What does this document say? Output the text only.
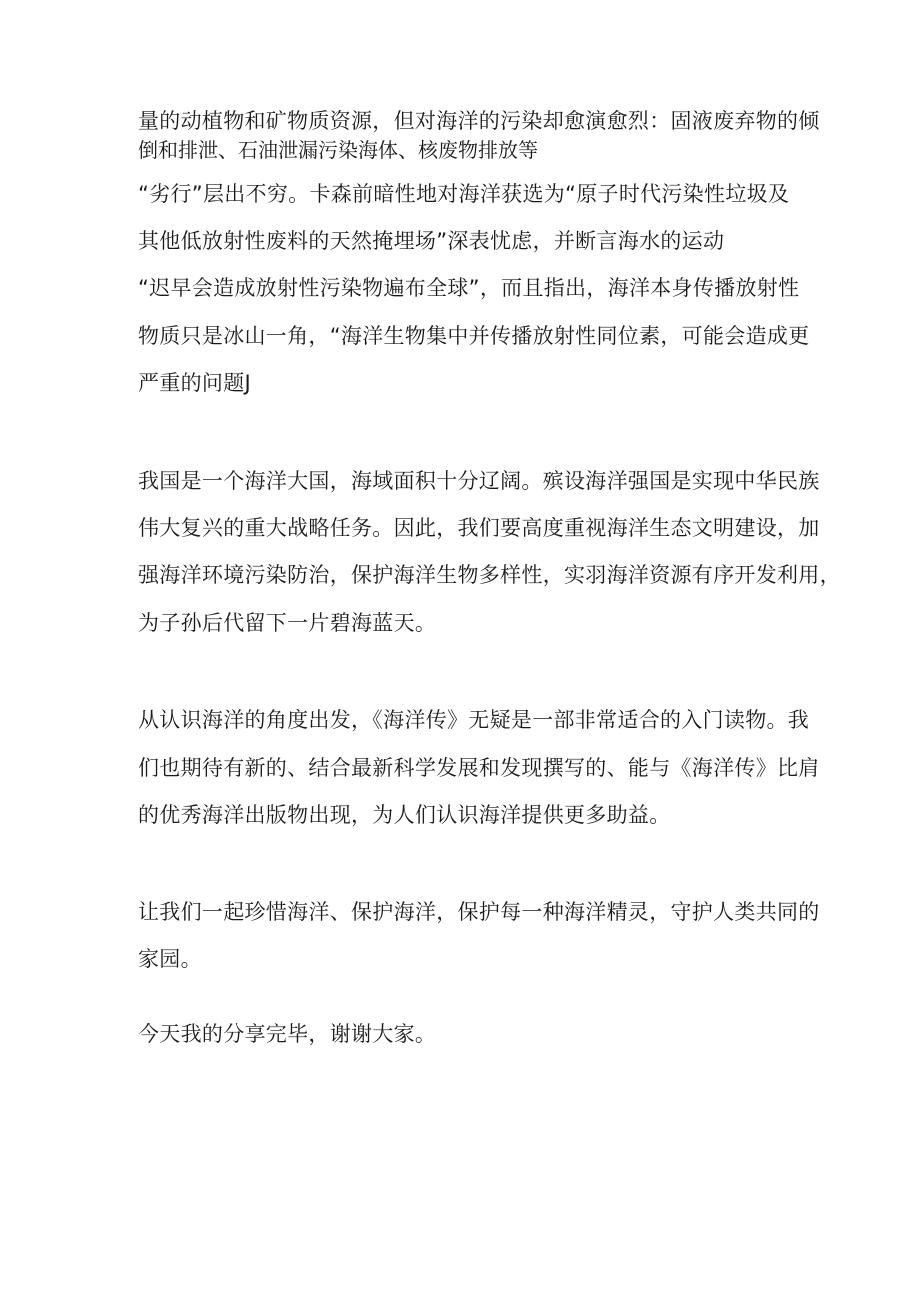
量的动植物和矿物质资源，但对海洋的污染却愈演愈烈：固液废弃物的倾
倒和排泄、石油泄漏污染海体、核废物排放等
“劣行”层出不穷。卡森前暗性地对海洋获选为“原子时代污染性垃圾及
其他低放射性废料的天然掩埋场”深表忧虑，并断言海水的运动
“迟早会造成放射性污染物遍布全球”，而且指出，海洋本身传播放射性
物质只是冰山一角，“海洋生物集中并传播放射性同位素，可能会造成更
严重的问题J
我国是一个海洋大国，海域面积十分辽阔。殡设海洋强国是实现中华民族
伟大复兴的重大战略任务。因此，我们要高度重视海洋生态文明建设，加
强海洋环境污染防治，保护海洋生物多样性，实羽海洋资源有序开发利用，
为子孙后代留下一片碧海蓝天。
从认识海洋的角度出发，《海洋传》无疑是一部非常适合的入门读物。我
们也期待有新的、结合最新科学发展和发现撰写的、能与《海洋传》比肩
的优秀海洋出版物出现，为人们认识海洋提供更多助益。
让我们一起珍惜海洋、保护海洋，保护每一种海洋精灵，守护人类共同的
家园。
今天我的分享完毕，谢谢大家。
